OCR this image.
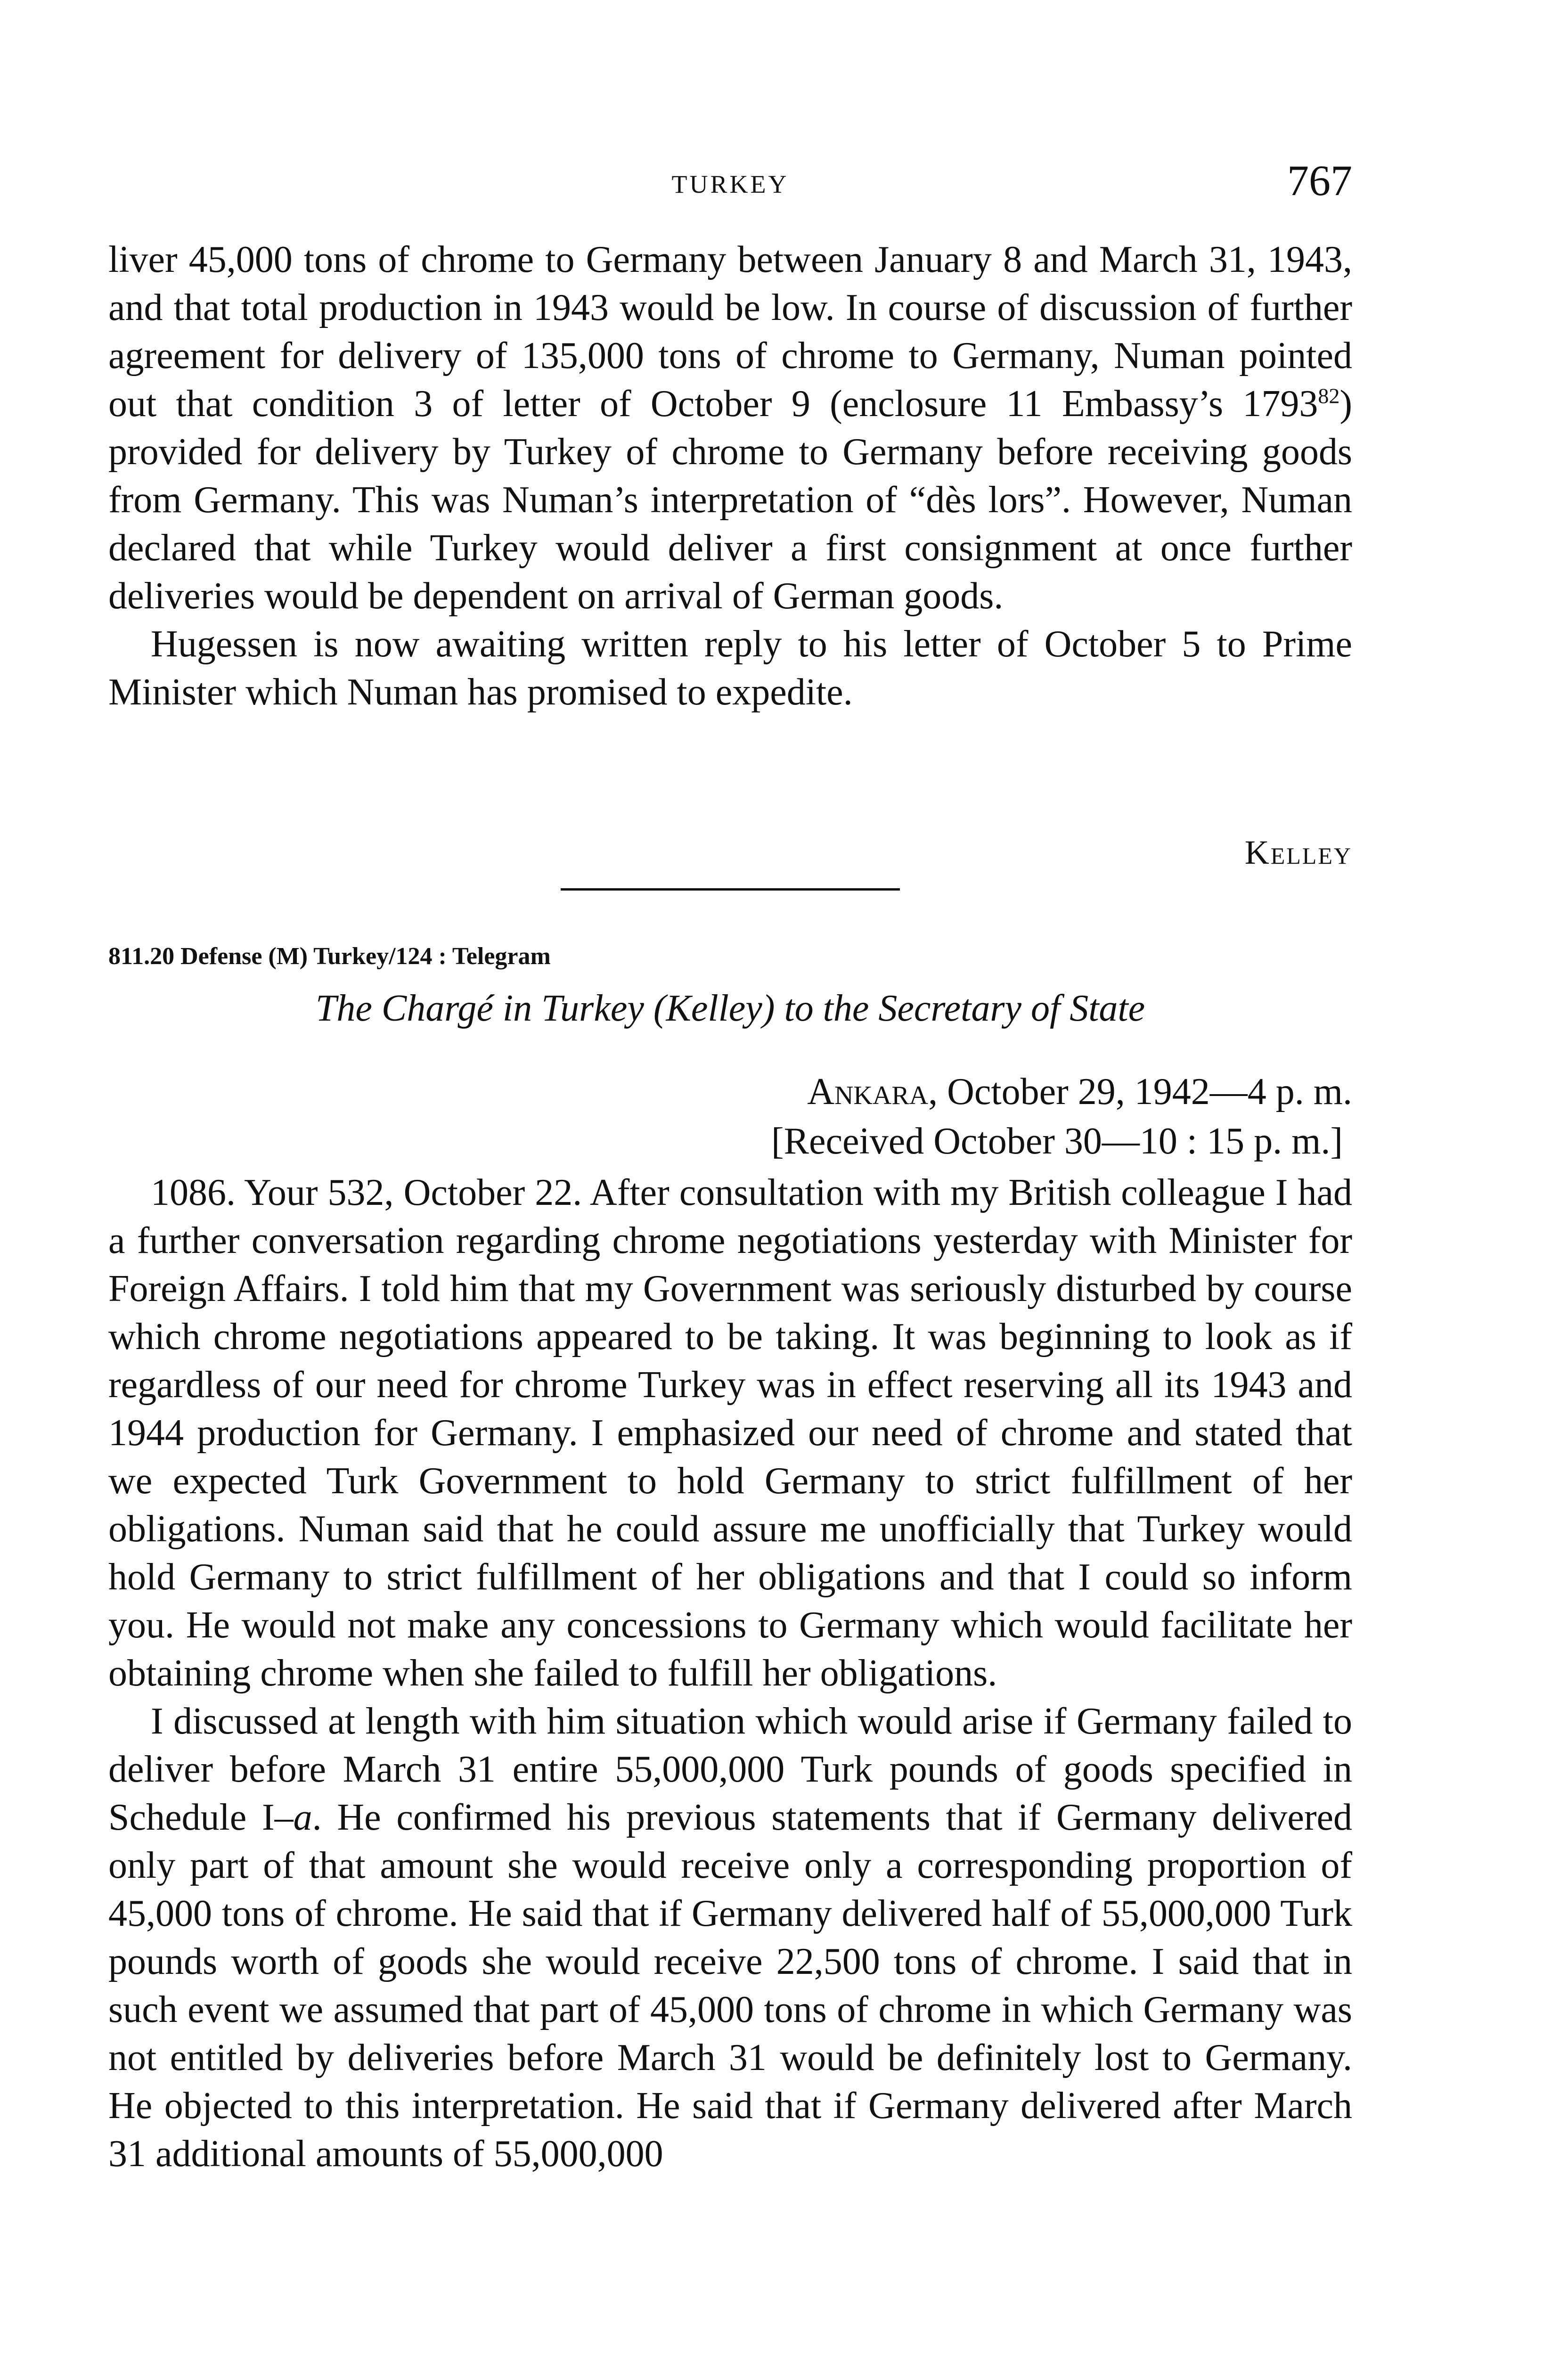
TURKEY	767

liver 45,000 tons of chrome to Germany between January 8 and March 31, 1943, and that total production in 1943 would be low. In course of discussion of further agreement for delivery of 135,000 tons of chrome to Germany, Numan pointed out that condition 3 of letter of October 9 (enclosure 11 Embassy’s 1793$^{82}$) provided for delivery by Turkey of chrome to Germany before receiving goods from Germany. This was Numan’s interpretation of “dès lors”. However, Numan declared that while Turkey would deliver a first consignment at once further deliveries would be dependent on arrival of German goods.

Hugessen is now awaiting written reply to his letter of October 5 to Prime Minister which Numan has promised to expedite.

Kelley
811.20 Defense (M) Turkey/124 : Telegram
The Chargé in Turkey (Kelley) to the Secretary of State
Ankara, October 29, 1942—4 p. m.
[Received October 30—10 : 15 p. m.]

1086. Your 532, October 22. After consultation with my British colleague I had a further conversation regarding chrome negotiations yesterday with Minister for Foreign Affairs. I told him that my Government was seriously disturbed by course which chrome negotiations appeared to be taking. It was beginning to look as if regardless of our need for chrome Turkey was in effect reserving all its 1943 and 1944 production for Germany. I emphasized our need of chrome and stated that we expected Turk Government to hold Germany to strict fulfillment of her obligations. Numan said that he could assure me unofficially that Turkey would hold Germany to strict fulfillment of her obligations and that I could so inform you. He would not make any concessions to Germany which would facilitate her obtaining chrome when she failed to fulfill her obligations.

I discussed at length with him situation which would arise if Germany failed to deliver before March 31 entire 55,000,000 Turk pounds of goods specified in Schedule I–a. He confirmed his previous statements that if Germany delivered only part of that amount she would receive only a corresponding proportion of 45,000 tons of chrome. He said that if Germany delivered half of 55,000,000 Turk pounds worth of goods she would receive 22,500 tons of chrome. I said that in such event we assumed that part of 45,000 tons of chrome in which Germany was not entitled by deliveries before March 31 would be definitely lost to Germany. He objected to this interpretation. He said that if Germany delivered after March 31 additional amounts of 55,000,000
